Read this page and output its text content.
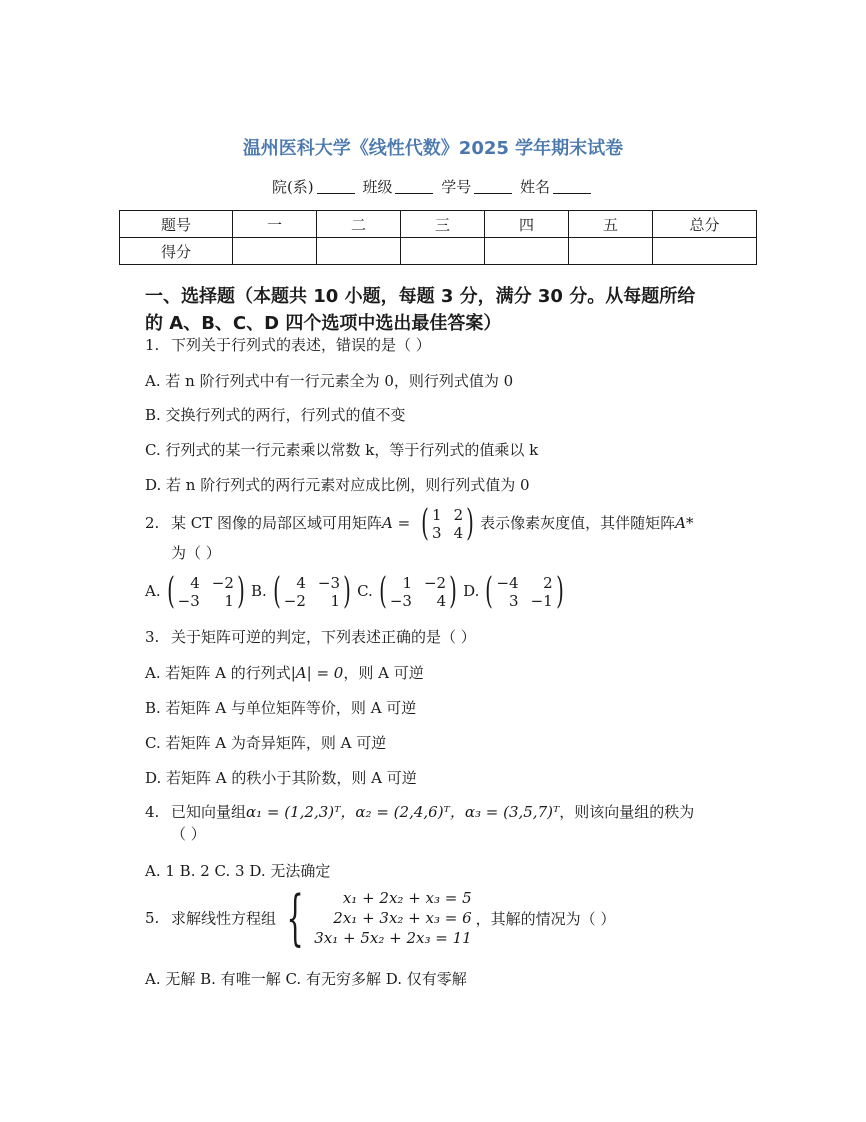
温州医科大学《线性代数》2025 学年期末试卷
院(系)	班级	学号	姓名
题号	一	二	三	四	五	总分
得分						
一、选择题（本题共 10 小题，每题 3 分，满分 30 分。从每题所给
的 A、B、C、D 四个选项中选出最佳答案）
1. 下列关于行列式的表述，错误的是（ ）
A. 若 n 阶行列式中有一行元素全为 0，则行列式值为 0
B. 交换行列式的两行，行列式的值不变
C. 行列式的某一行元素乘以常数 k，等于行列式的值乘以 k
D. 若 n 阶行列式的两行元素对应成比例，则行列式值为 0
2. 某 CT 图像的局部区域可用矩阵A = ( 1 2
3 4 ) 表示像素灰度值，其伴随矩阵A*
为（ ）
A. (	4 −2
−3	1 ) B. (	4 −3
−2	1 ) C. (	1 −2
−3	4 ) D. ( −4	2
3 −1 )
3. 关于矩阵可逆的判定，下列表述正确的是（ ）
A. 若矩阵 A 的行列式|A| = 0，则 A 可逆
B. 若矩阵 A 与单位矩阵等价，则 A 可逆
C. 若矩阵 A 为奇异矩阵，则 A 可逆
D. 若矩阵 A 的秩小于其阶数，则 A 可逆
4. 已知向量组α₁ = (1,2,3)ᵀ，α₂ = (2,4,6)ᵀ，α₃ = (3,5,7)ᵀ，则该向量组的秩为
（ ）
A. 1 B. 2 C. 3 D. 无法确定
5. 求解线性方程组 {	x₁ + 2x₂ + x₃ = 5
2x₁ + 3x₂ + x₃ = 6
3x₁ + 5x₂ + 2x₃ = 11
，其解的情况为（ ）
A. 无解 B. 有唯一解 C. 有无穷多解 D. 仅有零解
